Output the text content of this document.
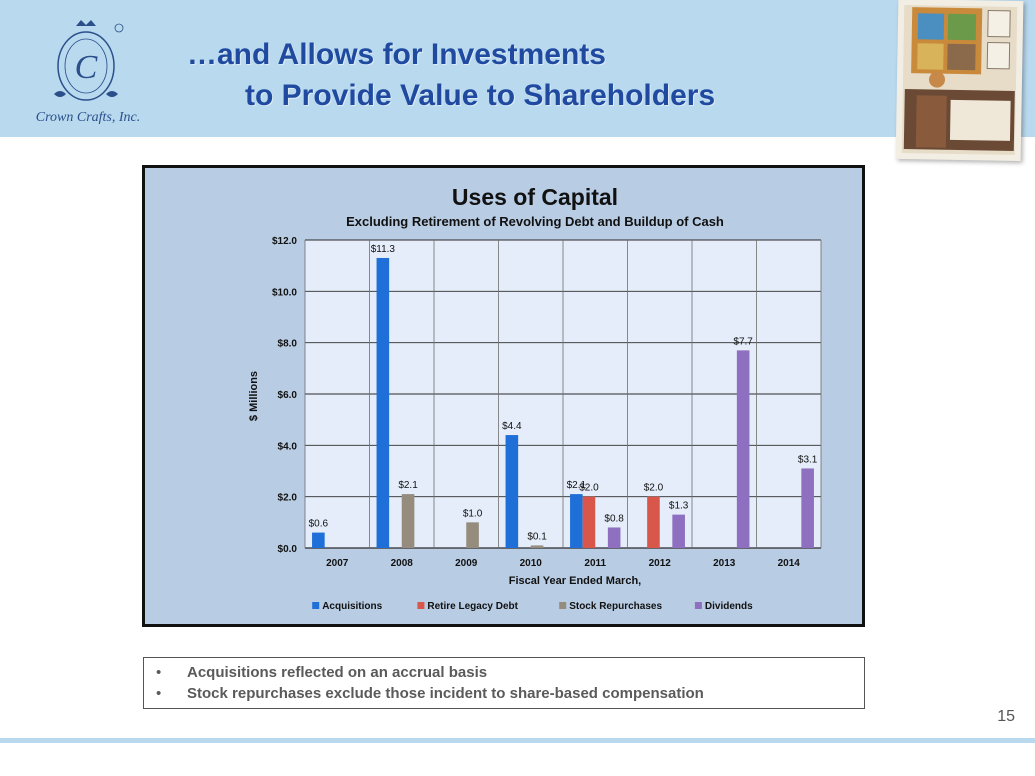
C
Crown Crafts, Inc.
…and Allows for Investments
to Provide Value to Shareholders
$0.6
$11.3
$4.4
$2.1
$2.0	$2.0
$2.1
$1.0
$0.1
$0.8
$1.3
$7.7
$3.1
$0.0
$2.0
$4.0
$6.0
$8.0
$10.0
$12.0
2007	2008	2009	2010	2011	2012	2013	2014
Acquisitions	Retire Legacy Debt	Stock Repurchases	Dividends
Uses of Capital
Excluding Retirement of Revolving Debt and Buildup of Cash
Fiscal Year Ended March,
$ Millions
• Acquisitions reflected on an accrual basis
• Stock repurchases exclude those incident to share-based compensation
15
